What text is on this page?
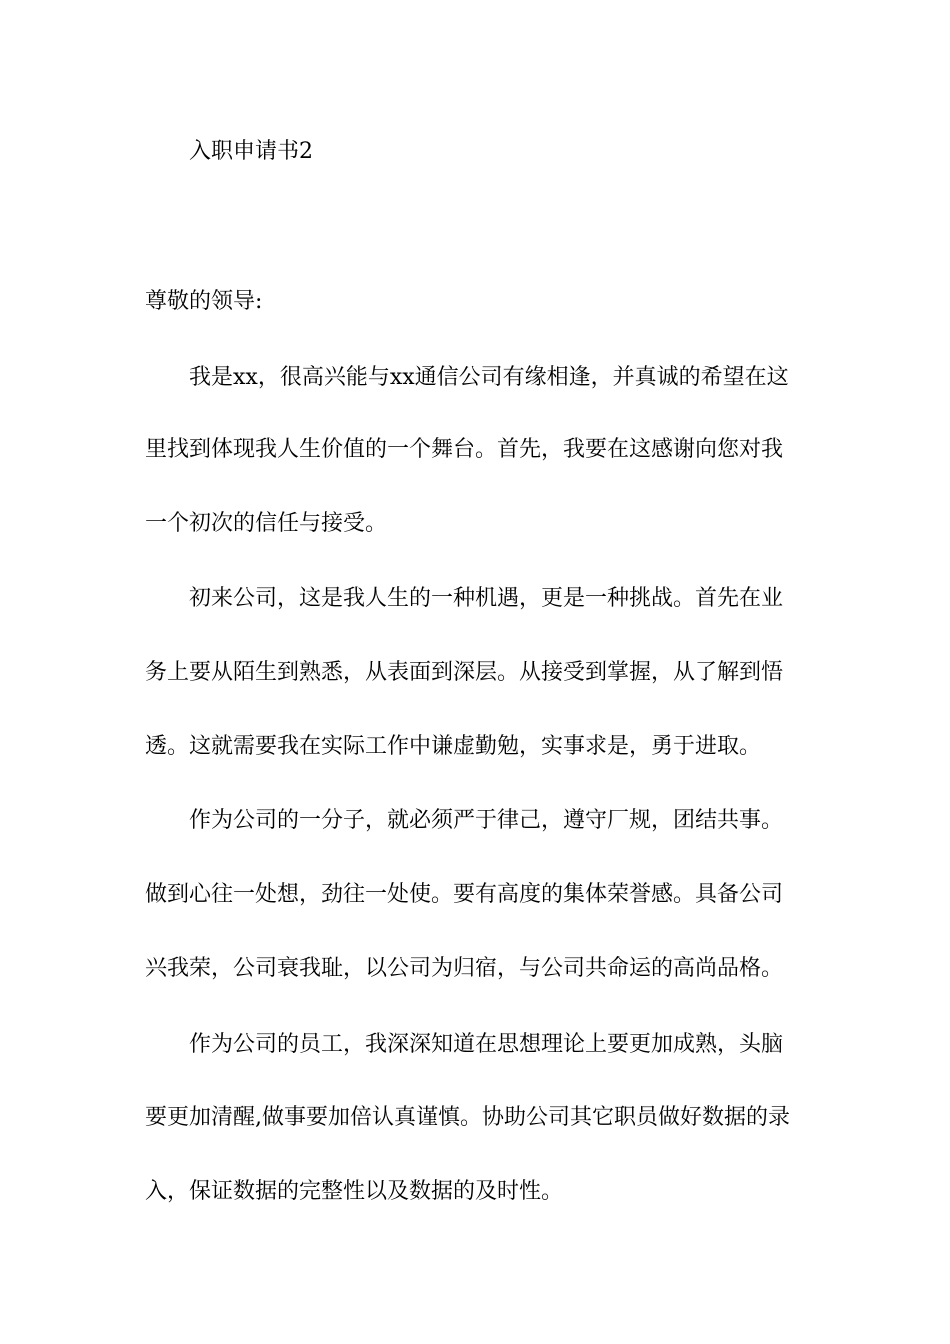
入职申请书2
尊敬的领导:
我是xx，很高兴能与xx通信公司有缘相逢，并真诚的希望在这
里找到体现我人生价值的一个舞台。首先，我要在这感谢向您对我
一个初次的信任与接受。
初来公司，这是我人生的一种机遇，更是一种挑战。首先在业
务上要从陌生到熟悉，从表面到深层。从接受到掌握，从了解到悟
透。这就需要我在实际工作中谦虚勤勉，实事求是，勇于进取。
作为公司的一分子，就必须严于律己，遵守厂规，团结共事。
做到心往一处想，劲往一处使。要有高度的集体荣誉感。具备公司
兴我荣，公司衰我耻，以公司为归宿，与公司共命运的高尚品格。
作为公司的员工，我深深知道在思想理论上要更加成熟，头脑
要更加清醒,做事要加倍认真谨慎。协助公司其它职员做好数据的录
入，保证数据的完整性以及数据的及时性。
